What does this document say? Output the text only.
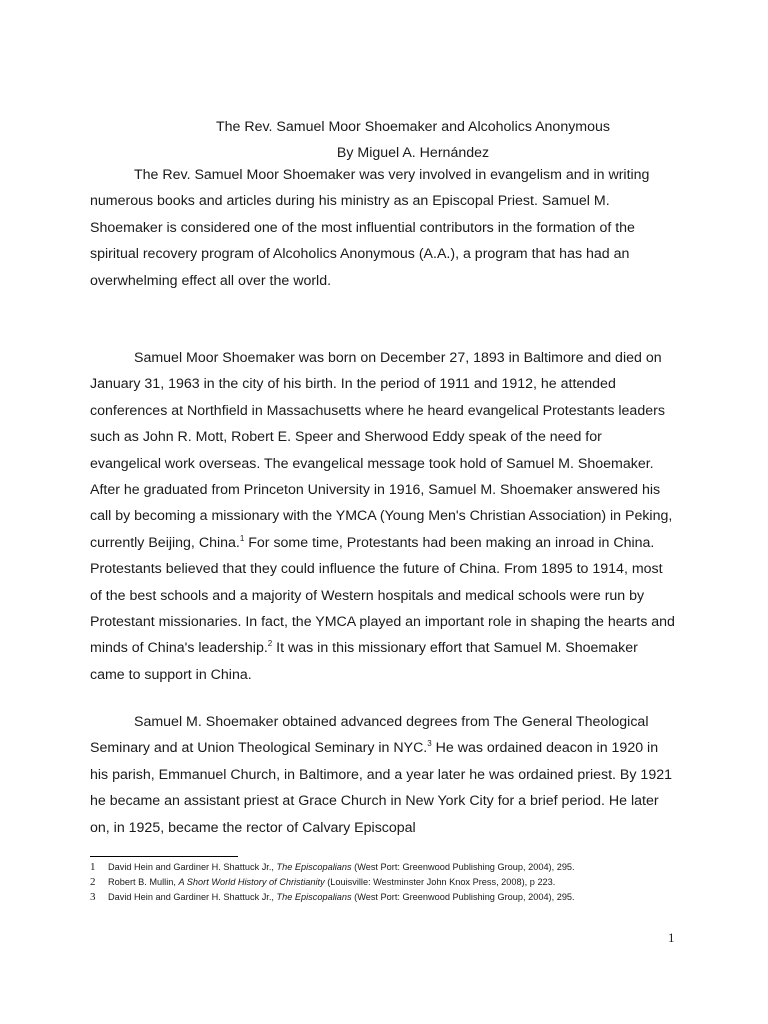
The Rev. Samuel Moor Shoemaker and Alcoholics Anonymous

By Miguel A. Hernández

The Rev. Samuel Moor Shoemaker was very involved in evangelism and in writing numerous books and articles during his ministry as an Episcopal Priest. Samuel M. Shoemaker is considered one of the most influential contributors in the formation of the spiritual recovery program of Alcoholics Anonymous (A.A.), a program that has had an overwhelming effect all over the world.

Samuel Moor Shoemaker was born on December 27, 1893 in Baltimore and died on January 31, 1963 in the city of his birth. In the period of 1911 and 1912, he attended conferences at Northfield in Massachusetts where he heard evangelical Protestants leaders such as John R. Mott, Robert E. Speer and Sherwood Eddy speak of the need for evangelical work overseas. The evangelical message took hold of Samuel M. Shoemaker. After he graduated from Princeton University in 1916, Samuel M. Shoemaker answered his call by becoming a missionary with the YMCA (Young Men's Christian Association) in Peking, currently Beijing, China.$^1$ For some time, Protestants had been making an inroad in China. Protestants believed that they could influence the future of China. From 1895 to 1914, most of the best schools and a majority of Western hospitals and medical schools were run by Protestant missionaries. In fact, the YMCA played an important role in shaping the hearts and minds of China's leadership.$^2$ It was in this missionary effort that Samuel M. Shoemaker came to support in China.

Samuel M. Shoemaker obtained advanced degrees from The General Theological Seminary and at Union Theological Seminary in NYC.$^3$ He was ordained deacon in 1920 in his parish, Emmanuel Church, in Baltimore, and a year later he was ordained priest. By 1921 he became an assistant priest at Grace Church in New York City for a brief period. He later on, in 1925, became the rector of Calvary Episcopal

1 David Hein and Gardiner H. Shattuck Jr., The Episcopalians (West Port: Greenwood Publishing Group, 2004), 295.
2 Robert B. Mullin, A Short World History of Christianity (Louisville: Westminster John Knox Press, 2008), p 223.
3 David Hein and Gardiner H. Shattuck Jr., The Episcopalians (West Port: Greenwood Publishing Group, 2004), 295.
1
